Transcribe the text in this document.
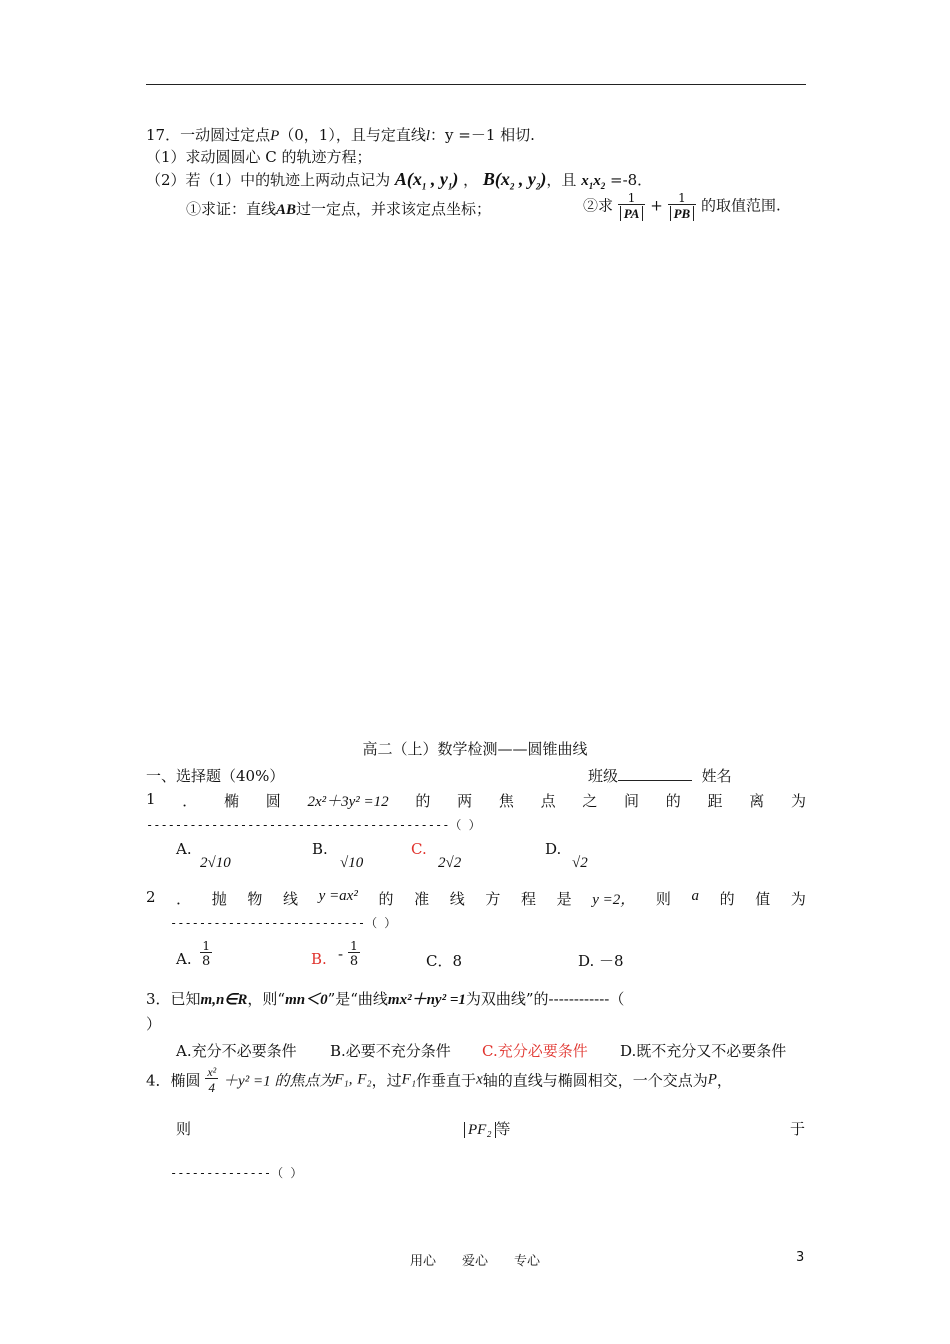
17．一动圆过定点P（0，1），且与定直线l：y =－1 相切.
（1）求动圆圆心 C 的轨迹方程；
（2）若（1）中的轨迹上两动点记为 $A(x_1$ , $y_1$) ， $B(x_2$ , $y_2$)，且 $x_1x_2 =-8$．
①求证：直线AB过一定点，并求该定点坐标；	②求 $\frac{1}{PA} + \frac{1}{PB}$ 的取值范围.
高二（上）数学检测——圆锥曲线
一、选择题（40%）	班级	姓名
1 ． 椭 圆 2x²＋3y² =12 的 两 焦 点 之 间 的 距 离 为
------------------------------------------（ ）
A.
2√10
B.
√10
C.
2√2
D.
√2
2 ． 抛 物 线 y =ax² 的 准 线 方 程 是 y =2， 则 a 的 值 为
---------------------------（ ）
A. $\frac{1}{8}$	B. - $\frac{1}{8}$	C．8	D. －8
3．已知m,n∈R，则“mn＜0”是“曲线mx²＋ny² =1为双曲线”的------------（
）
A.充分不必要条件 B.必要不充分条件 C.充分必要条件 D.既不充分又不必要条件
4．椭圆 $\frac{\text{x²}}{4} +y^2 =1$ 的焦点为F₁, F₂，过F₁作垂直于x轴的直线与椭圆相交，一个交点为P，
则	PF₂ 等	于
--------------（ ）
用心　　爱心　　专心	3
